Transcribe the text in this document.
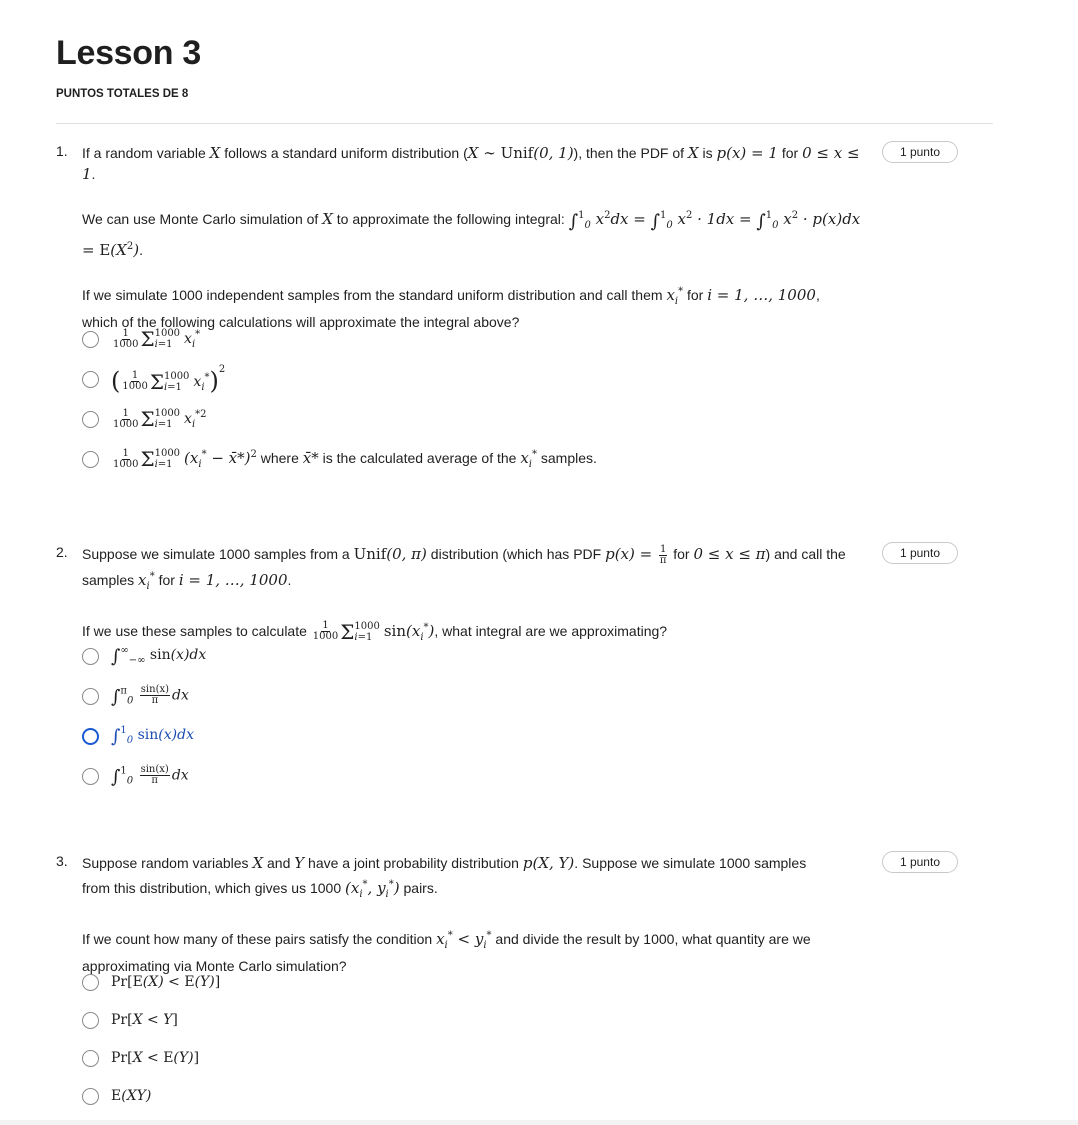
Lesson 3
PUNTOS TOTALES DE 8
1.	1 punto

If a random variable X follows a standard uniform distribution (X ∼ Unif(0, 1)), then the PDF of X is p(x) = 1 for 0 ≤ x ≤ 1.

We can use Monte Carlo simulation of X to approximate the following integral: ∫$^1_0$ $x^2dx = \int^1_0$ $x^2 \cdot 1dx = \int^1_0$ $x^2 \cdot p(x)dx = E(X^2)$.

If we simulate 1000 independent samples from the standard uniform distribution and call them $x_i^*$ for i = 1, …, 1000,
which of the following calculations will approximate the integral above?

$\frac{1}{1000}$ Σ 1000
i=1 $x_i^*$
( $\frac{1}{1000}$ Σ 1000
i=1 $x_i^*)^2$
$\frac{1}{1000}$ Σ 1000
i=1 $x_i^{*2}$
$\frac{1}{1000}$ Σ 1000
i=1 ($x_i^*$ − x̄*)$^2$ where x̄* is the calculated average of the $x_i^*$ samples.
2.	1 punto

Suppose we simulate 1000 samples from a Unif(0, π) distribution (which has PDF $p(x) = \frac{1}{\pi}$ for 0 ≤ x ≤ π) and call the
samples $x_i^*$ for i = 1, …, 1000.

If we use these samples to calculate $\frac{1}{1000}$ Σ 1000
i=1 $\sin(x_i^*)$, what integral are we approximating?

$\int^\infty_{-\infty}$ sin(x)dx
$\int^\pi_0 \frac{\sin(x)}{\pi}$ dx
∫$^1_0$ sin(x)dx
$\int^1_0 \frac{\sin(x)}{\pi}$ dx
3.	1 punto

Suppose random variables X and Y have a joint probability distribution p(X, Y). Suppose we simulate 1000 samples
from this distribution, which gives us 1000 ($x_i^*$, $y_i^*$) pairs.

If we count how many of these pairs satisfy the condition $x_i^* < y_i^*$ and divide the result by 1000, what quantity are we
approximating via Monte Carlo simulation?

Pr[E(X) < E(Y)]
Pr[X < Y]
Pr[X < E(Y)]
E(XY)
